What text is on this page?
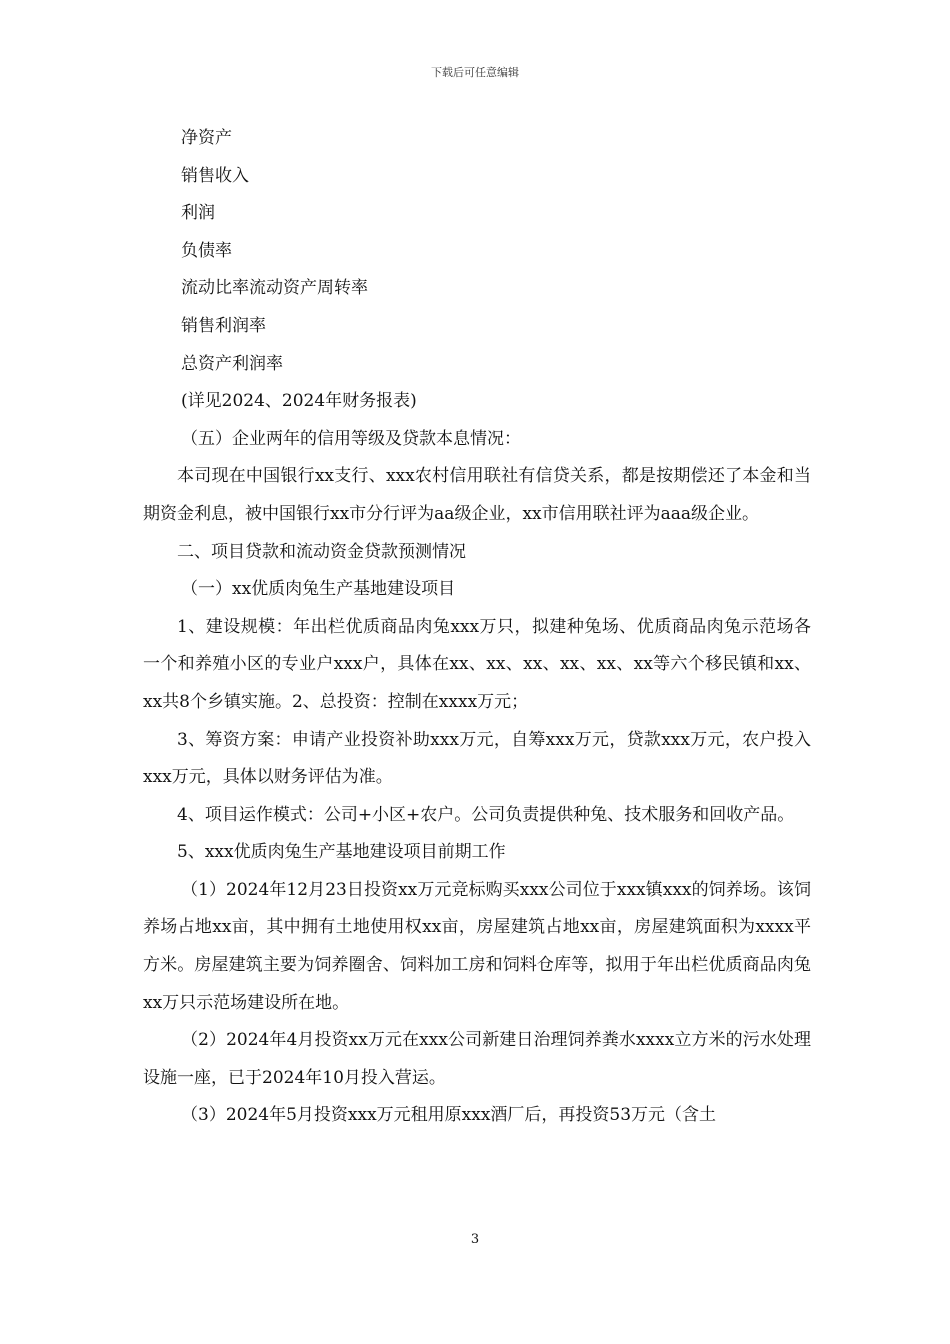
下载后可任意编辑
净资产
销售收入
利润
负债率
流动比率流动资产周转率
销售利润率
总资产利润率
(详见2024、2024年财务报表)
（五）企业两年的信用等级及贷款本息情况：
本司现在中国银行xx支行、xxx农村信用联社有信贷关系，都是按期偿还了本金和当期资金利息，被中国银行xx市分行评为aa级企业，xx市信用联社评为aaa级企业。
二、项目贷款和流动资金贷款预测情况
（一）xx优质肉兔生产基地建设项目
1、建设规模：年出栏优质商品肉兔xxx万只，拟建种兔场、优质商品肉兔示范场各一个和养殖小区的专业户xxx户，具体在xx、xx、xx、xx、xx、xx等六个移民镇和xx、xx共8个乡镇实施。2、总投资：控制在xxxx万元；
3、筹资方案：申请产业投资补助xxx万元，自筹xxx万元，贷款xxx万元，农户投入xxx万元，具体以财务评估为准。
4、项目运作模式：公司+小区+农户。公司负责提供种兔、技术服务和回收产品。
5、xxx优质肉兔生产基地建设项目前期工作
（1）2024年12月23日投资xx万元竞标购买xxx公司位于xxx镇xxx的饲养场。该饲养场占地xx亩，其中拥有土地使用权xx亩，房屋建筑占地xx亩，房屋建筑面积为xxxx平方米。房屋建筑主要为饲养圈舍、饲料加工房和饲料仓库等，拟用于年出栏优质商品肉兔xx万只示范场建设所在地。
（2）2024年4月投资xx万元在xxx公司新建日治理饲养粪水xxxx立方米的污水处理设施一座，已于2024年10月投入营运。
（3）2024年5月投资xxx万元租用原xxx酒厂后，再投资53万元（含土
3
